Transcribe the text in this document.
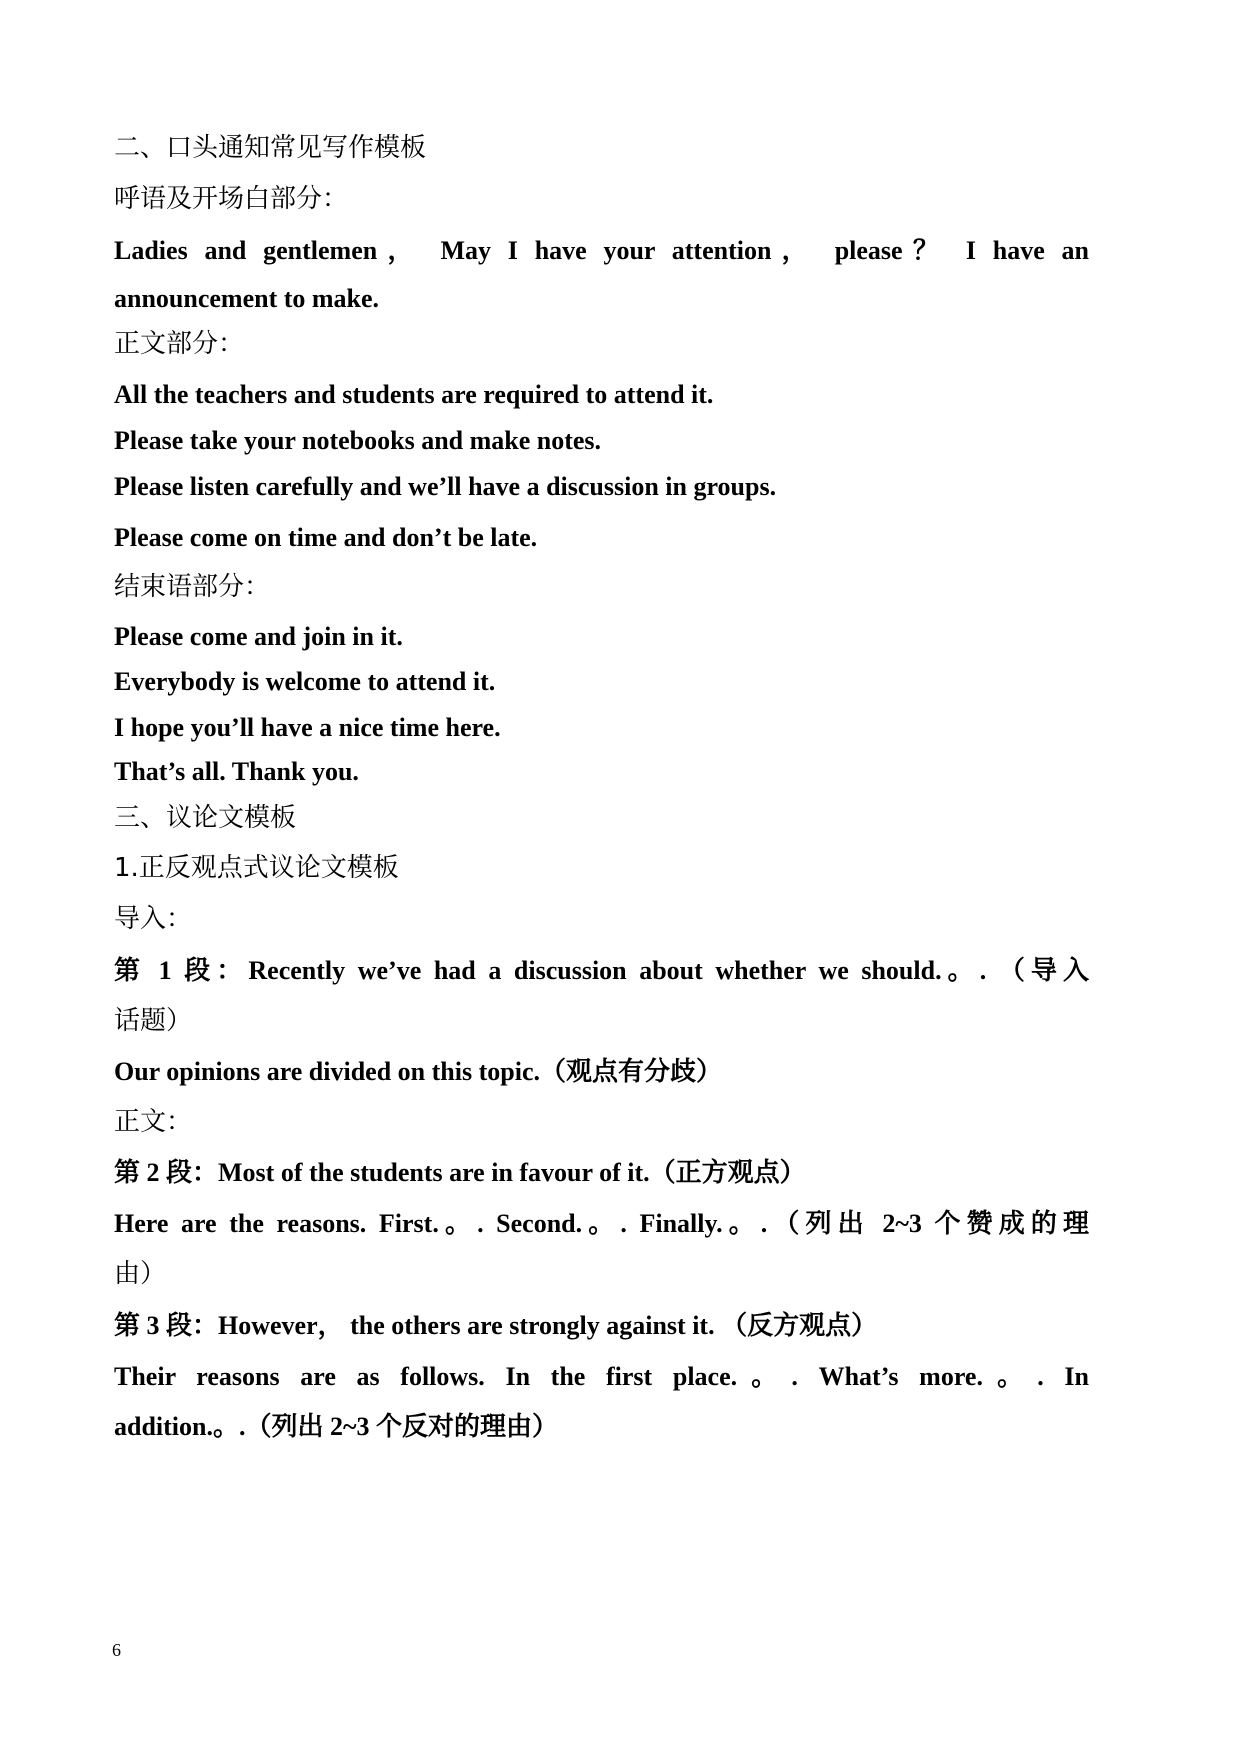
二、口头通知常见写作模板
呼语及开场白部分：
Ladies and gentlemen， May I have your attention， please？ I have an
announcement to make.
正文部分：
All the teachers and students are required to attend it.
Please take your notebooks and make notes.
Please listen carefully and we’ll have a discussion in groups.
Please come on time and don’t be late.
结束语部分：
Please come and join in it.
Everybody is welcome to attend it.
I hope you’ll have a nice time here.
That’s all. Thank you.
三、议论文模板
1.正反观点式议论文模板
导入：
第 1 段：Recently we’ve had a discussion about whether we should.。. （导入
话题）
Our opinions are divided on this topic.（观点有分歧）
正文：
第 2 段：Most of the students are in favour of it.（正方观点）
Here are the reasons. First.。. Second.。. Finally.。.（列出 2~3 个赞成的理
由）
第 3 段：However， the others are strongly against it. （反方观点）
Their reasons are as follows. In the first place.。. What’s more.。. In
addition.。.（列出 2~3 个反对的理由）
6
